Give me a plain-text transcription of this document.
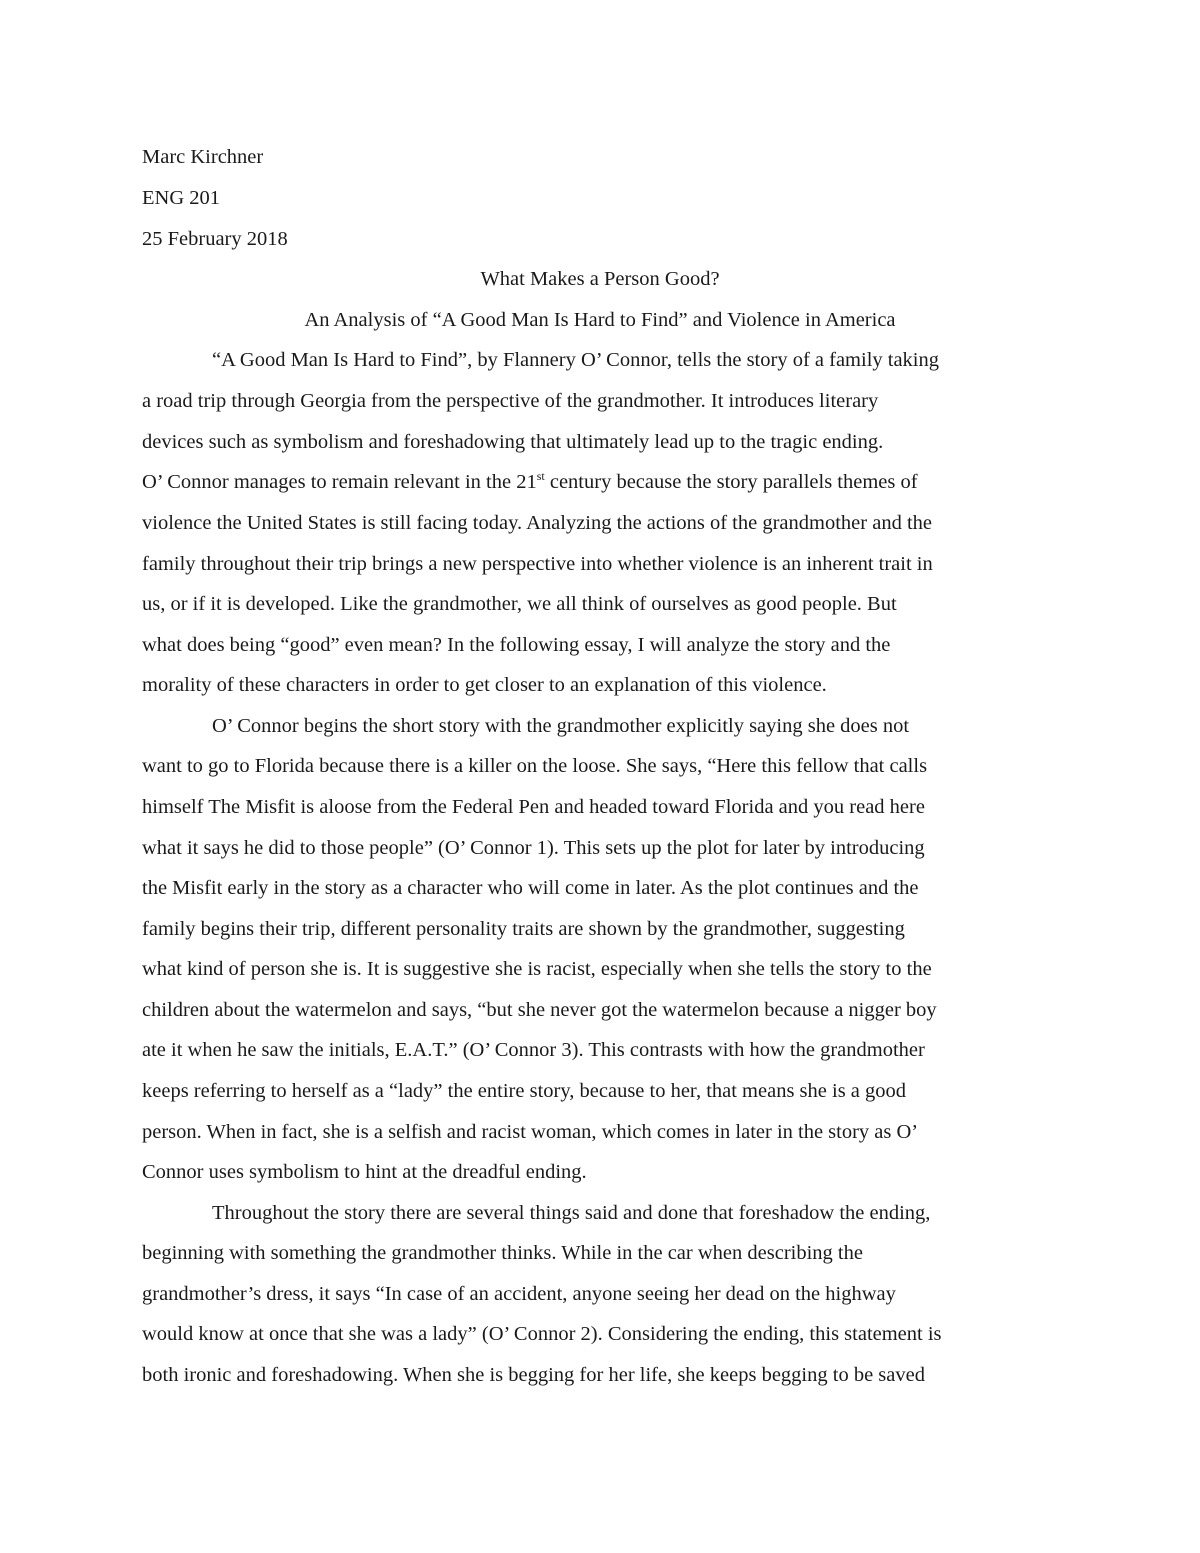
Marc Kirchner
ENG 201
25 February 2018
What Makes a Person Good?
An Analysis of “A Good Man Is Hard to Find” and Violence in America
“A Good Man Is Hard to Find”, by Flannery O’ Connor, tells the story of a family taking
a road trip through Georgia from the perspective of the grandmother. It introduces literary
devices such as symbolism and foreshadowing that ultimately lead up to the tragic ending.
O’ Connor manages to remain relevant in the 21st century because the story parallels themes of
violence the United States is still facing today. Analyzing the actions of the grandmother and the
family throughout their trip brings a new perspective into whether violence is an inherent trait in
us, or if it is developed. Like the grandmother, we all think of ourselves as good people. But
what does being “good” even mean? In the following essay, I will analyze the story and the
morality of these characters in order to get closer to an explanation of this violence.
O’ Connor begins the short story with the grandmother explicitly saying she does not
want to go to Florida because there is a killer on the loose. She says, “Here this fellow that calls
himself The Misfit is aloose from the Federal Pen and headed toward Florida and you read here
what it says he did to those people” (O’ Connor 1). This sets up the plot for later by introducing
the Misfit early in the story as a character who will come in later. As the plot continues and the
family begins their trip, different personality traits are shown by the grandmother, suggesting
what kind of person she is. It is suggestive she is racist, especially when she tells the story to the
children about the watermelon and says, “but she never got the watermelon because a nigger boy
ate it when he saw the initials, E.A.T.” (O’ Connor 3). This contrasts with how the grandmother
keeps referring to herself as a “lady” the entire story, because to her, that means she is a good
person. When in fact, she is a selfish and racist woman, which comes in later in the story as O’
Connor uses symbolism to hint at the dreadful ending.
Throughout the story there are several things said and done that foreshadow the ending,
beginning with something the grandmother thinks. While in the car when describing the
grandmother’s dress, it says “In case of an accident, anyone seeing her dead on the highway
would know at once that she was a lady” (O’ Connor 2). Considering the ending, this statement is
both ironic and foreshadowing. When she is begging for her life, she keeps begging to be saved
